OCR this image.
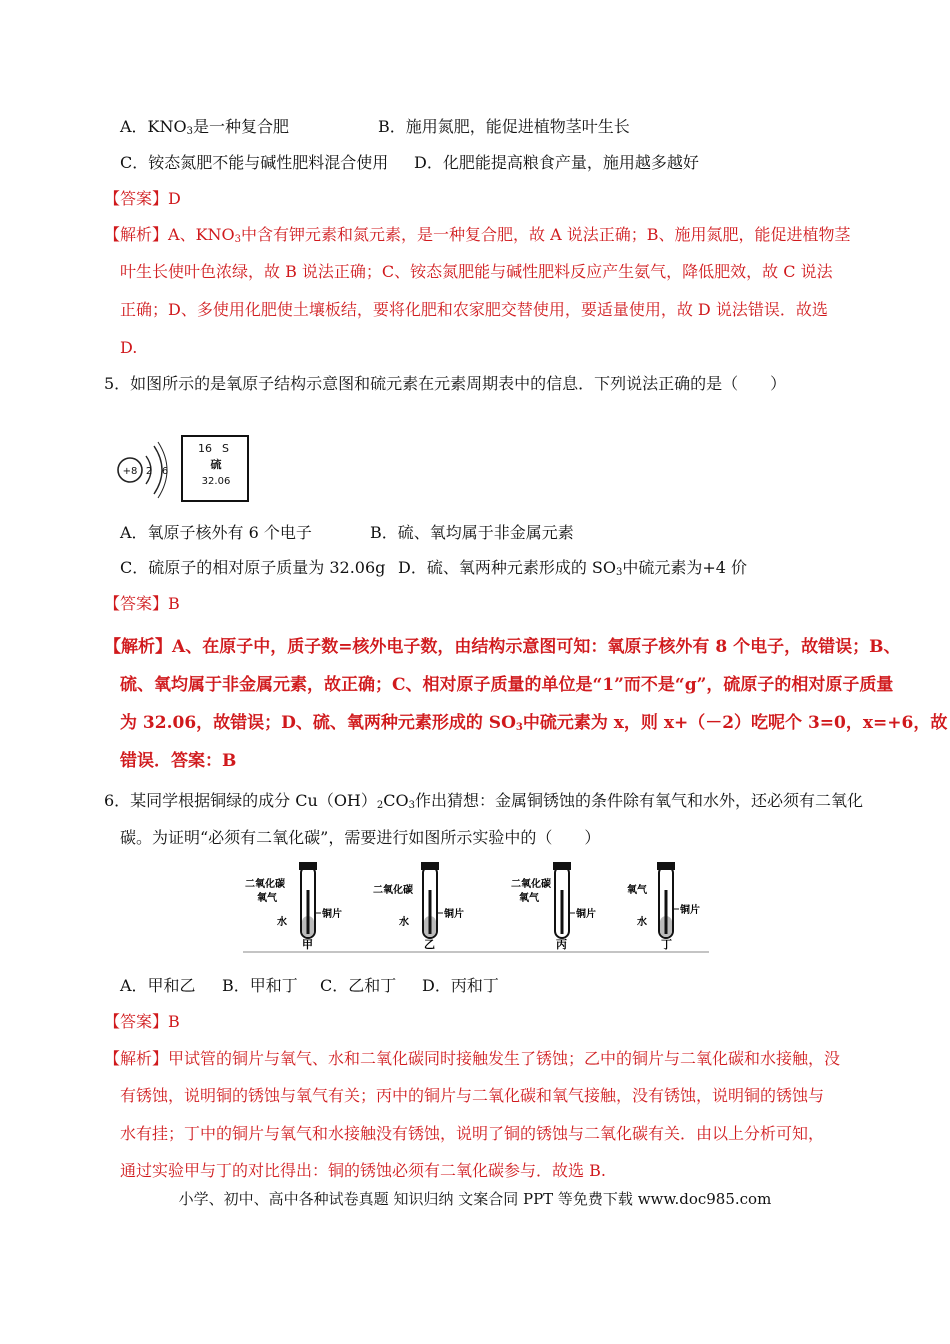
A．$KNO_3$是一种复合肥	B．施用氮肥，能促进植物茎叶生长
C．铵态氮肥不能与碱性肥料混合使用 D．化肥能提高粮食产量，施用越多越好
【答案】D
【解析】A、$KNO_3$中含有钾元素和氮元素，是一种复合肥，故 A 说法正确；B、施用氮肥，能促进植物茎
叶生长使叶色浓绿，故 B 说法正确；C、铵态氮肥能与碱性肥料反应产生氨气，降低肥效，故 C 说法
正确；D、多使用化肥使土壤板结，要将化肥和农家肥交替使用，要适量使用，故 D 说法错误．故选
D.
5．如图所示的是氧原子结构示意图和硫元素在元素周期表中的信息．下列说法正确的是（　　）
+8 2 6
16 S
硫
32.06
A．氧原子核外有 6 个电子	B．硫、氧均属于非金属元素
C．硫原子的相对原子质量为 32.06g D．硫、氧两种元素形成的 $SO_3$中硫元素为+4 价
【答案】B
【解析】A、在原子中，质子数=核外电子数，由结构示意图可知：氧原子核外有 8 个电子，故错误；B、
硫、氧均属于非金属元素，故正确；C、相对原子质量的单位是“1”而不是“g”，硫原子的相对原子质量
为 32.06，故错误；D、硫、氧两种元素形成的 $SO_3$中硫元素为 x，则 x+（－2）吃呢个 3=0，x=+6，故
错误．答案：B
6．某同学根据铜绿的成分 $Cu(OH)_2CO_3$作出猜想：金属铜锈蚀的条件除有氧气和水外，还必须有二氧化
碳。为证明“必须有二氧化碳”，需要进行如图所示实验中的（　　）
二氧化碳
氧气
水
铜片
甲
二氧化碳
水
铜片
乙
二氧化碳
氧气
铜片
丙
氧气
水
铜片
丁
A．甲和乙 B．甲和丁 C．乙和丁 D．丙和丁
【答案】B
【解析】甲试管的铜片与氧气、水和二氧化碳同时接触发生了锈蚀；乙中的铜片与二氧化碳和水接触，没
有锈蚀，说明铜的锈蚀与氧气有关；丙中的铜片与二氧化碳和氧气接触，没有锈蚀，说明铜的锈蚀与
水有挂；丁中的铜片与氧气和水接触没有锈蚀，说明了铜的锈蚀与二氧化碳有关．由以上分析可知，
通过实验甲与丁的对比得出：铜的锈蚀必须有二氧化碳参与．故选 B.
小学、初中、高中各种试卷真题 知识归纳 文案合同 PPT 等免费下载 www.doc985.com
